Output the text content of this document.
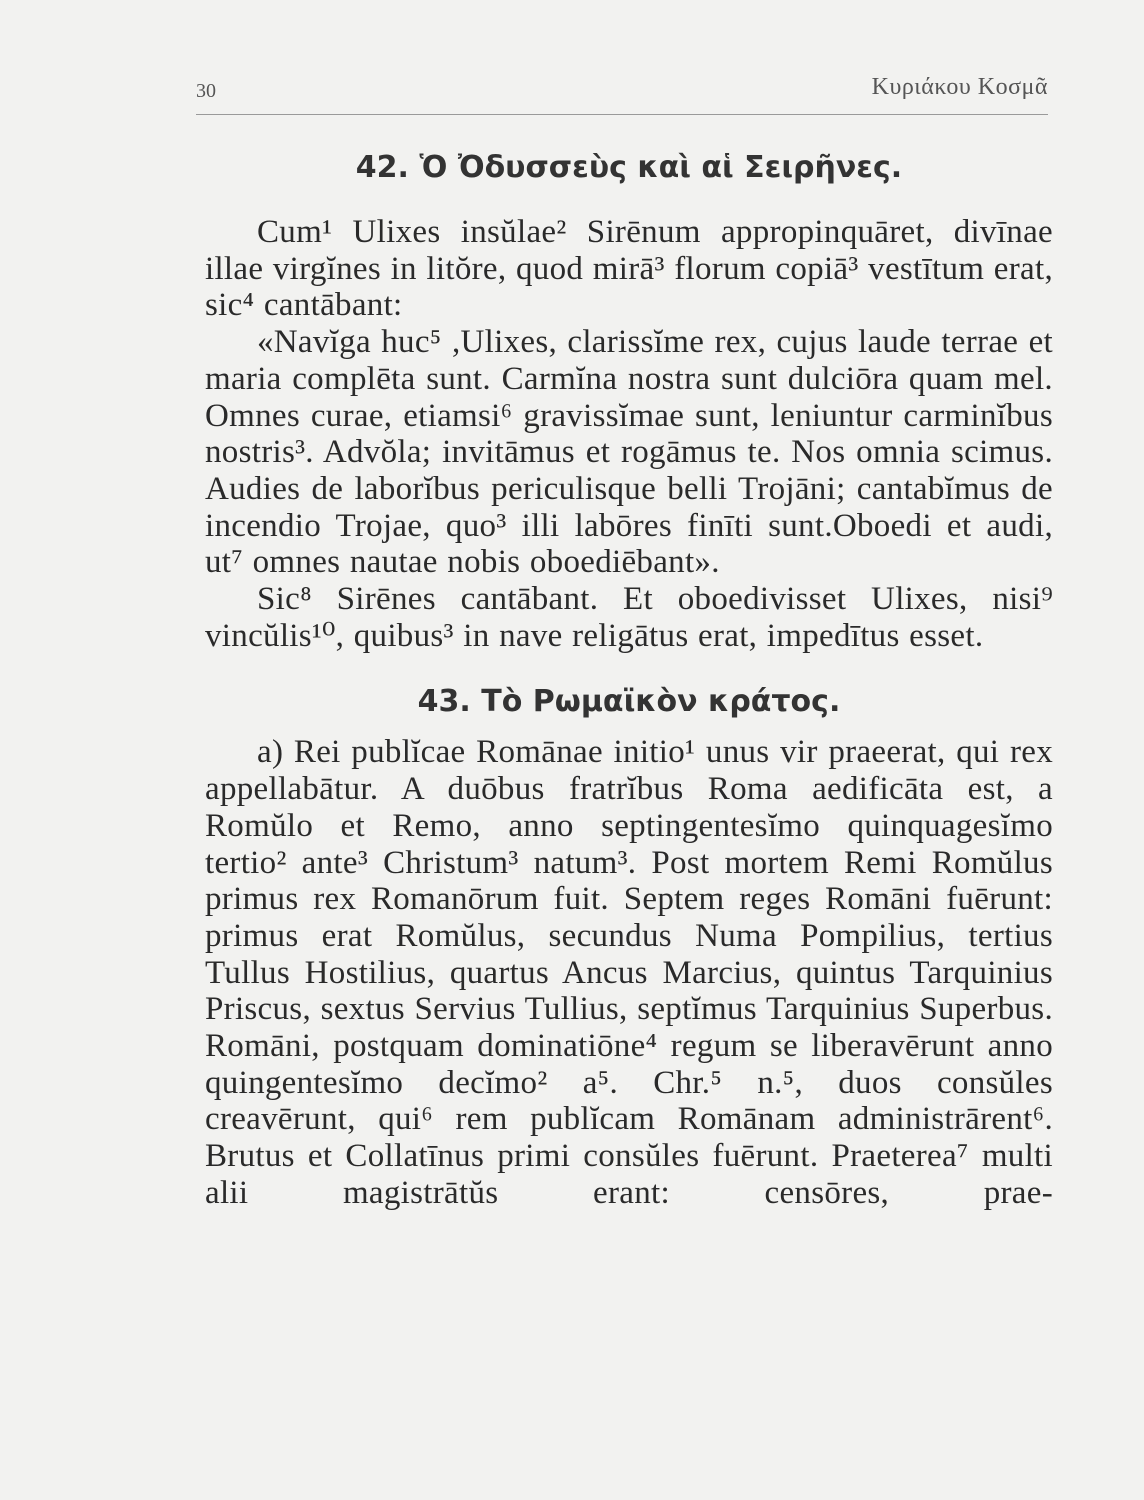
30	Κυριάκου Κοσμᾶ
42. Ὁ Ὀδυσσεὺς καὶ αἱ Σειρῆνες.

Cum¹ Ulixes insŭlae² Sirēnum appropinquāret, divīnae illae virgĭnes in litŏre, quod mirā³ florum copiā³ vestītum erat, sic⁴ cantābant:

«Navĭga huc⁵ ,Ulixes, clarissĭme rex, cujus laude terrae et maria complēta sunt. Carmĭna nostra sunt dulciōra quam mel. Omnes curae, etiamsi⁶ gravissĭmae sunt, leniuntur carminĭbus nostris³. Advŏla; invitāmus et rogāmus te. Nos omnia scimus. Audies de laborĭbus periculisque belli Trojāni; cantabĭmus de incendio Trojae, quo³ illi labōres finīti sunt.Oboedi et audi, ut⁷ omnes nautae nobis oboediēbant».

Sic⁸ Sirēnes cantābant. Et oboedivisset Ulixes, nisi⁹ vincŭlis¹⁰, quibus³ in nave religātus erat, impedītus esset.

43. Τὸ Ρωμαϊκὸν κράτος.

a) Rei publĭcae Romānae initio¹ unus vir praeerat, qui rex appellabātur. A duōbus fratrĭbus Roma aedificāta est, a Romŭlo et Remo, anno septingentesĭmo quinquagesĭmo tertio² ante³ Christum³ natum³. Post mortem Remi Romŭlus primus rex Romanōrum fuit. Septem reges Romāni fuērunt: primus erat Romŭlus, secundus Numa Pompilius, tertius Tullus Hostilius, quartus Ancus Marcius, quintus Tarquinius Priscus, sextus Servius Tullius, septĭmus Tarquinius Superbus. Romāni, postquam dominatiōne⁴ regum se liberavērunt anno quingentesĭmo decĭmo² a⁵. Chr.⁵ n.⁵, duos consŭles creavērunt, qui⁶ rem publĭcam Romānam administrārent⁶. Brutus et Collatīnus primi consŭles fuērunt. Praeterea⁷ multi alii magistrātŭs erant: censōres, prae-
